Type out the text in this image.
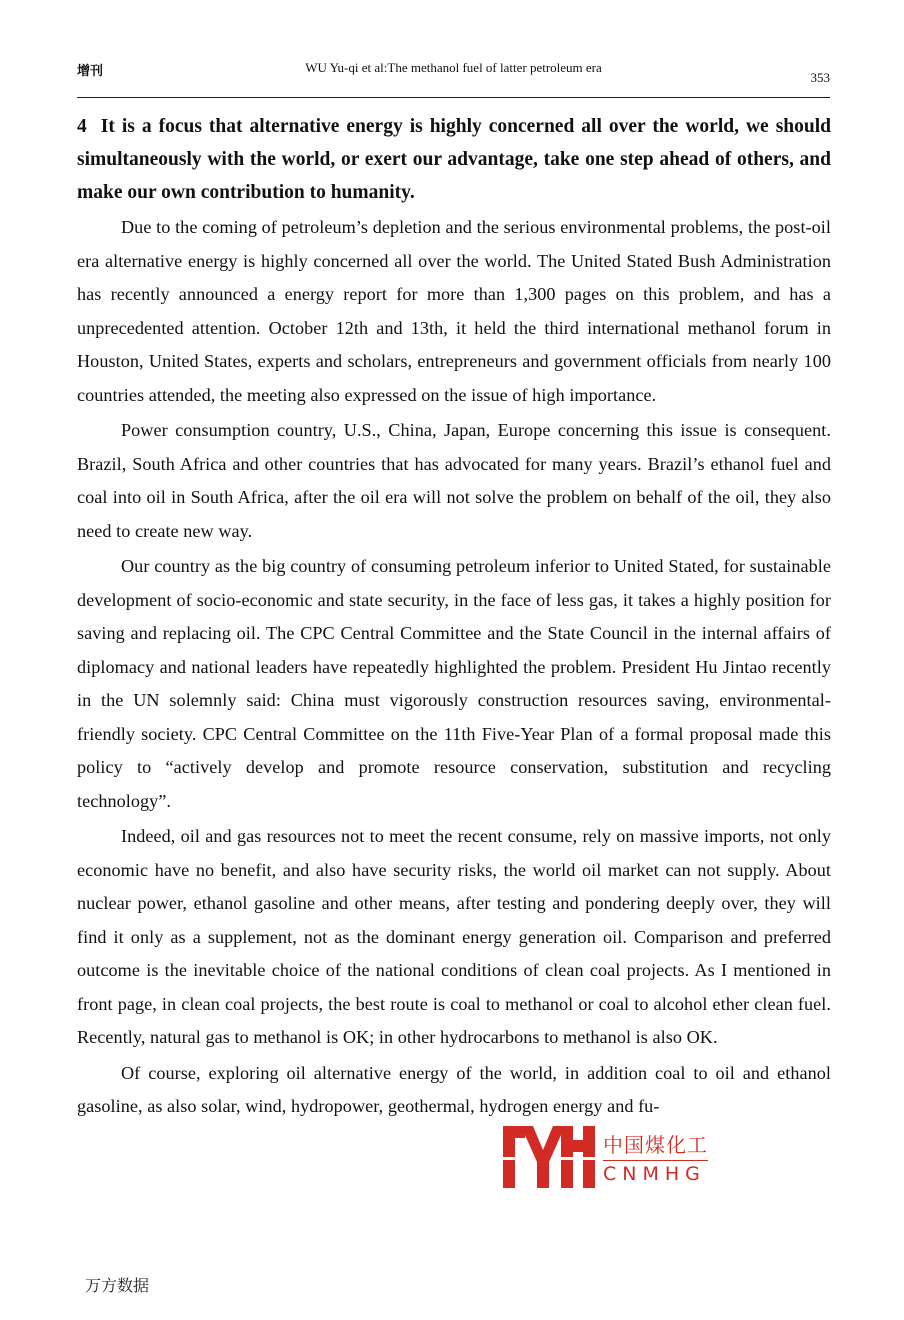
增刊	WU Yu-qi et al:The methanol fuel of latter petroleum era
353
4 It is a focus that alternative energy is highly concerned all over the world, we should simultaneously with the world, or exert our advantage, take one step ahead of others, and make our own contribution to humanity.

Due to the coming of petroleum’s depletion and the serious environmental problems, the post-oil era alternative energy is highly concerned all over the world. The United Stated Bush Administration has recently announced a energy report for more than 1,300 pages on this problem, and has a unprecedented attention. October 12th and 13th, it held the third international methanol forum in Houston, United States, experts and scholars, entrepreneurs and government officials from nearly 100 countries attended, the meeting also expressed on the issue of high importance.

Power consumption country, U.S., China, Japan, Europe concerning this issue is consequent. Brazil, South Africa and other countries that has advocated for many years. Brazil’s ethanol fuel and coal into oil in South Africa, after the oil era will not solve the problem on behalf of the oil, they also need to create new way.

Our country as the big country of consuming petroleum inferior to United Stated, for sustainable development of socio-economic and state security, in the face of less gas, it takes a highly position for saving and replacing oil. The CPC Central Committee and the State Council in the internal affairs of diplomacy and national leaders have repeatedly highlighted the problem. President Hu Jintao recently in the UN solemnly said: China must vigorously construction resources saving, environmental-friendly society. CPC Central Committee on the 11th Five-Year Plan of a formal proposal made this policy to “actively develop and promote resource conservation, substitution and recycling technology”.

Indeed, oil and gas resources not to meet the recent consume, rely on massive imports, not only economic have no benefit, and also have security risks, the world oil market can not supply. About nuclear power, ethanol gasoline and other means, after testing and pondering deeply over, they will find it only as a supplement, not as the dominant energy generation oil. Comparison and preferred outcome is the inevitable choice of the national conditions of clean coal projects. As I mentioned in front page, in clean coal projects, the best route is coal to methanol or coal to alcohol ether clean fuel. Recently, natural gas to methanol is OK; in other hydrocarbons to methanol is also OK.

Of course, exploring oil alternative energy of the world, in addition coal to oil and ethanol gasoline, as also solar, wind, hydropower, geothermal, hydrogen energy and fu-

中国煤化工
CNMHG
万方数据
